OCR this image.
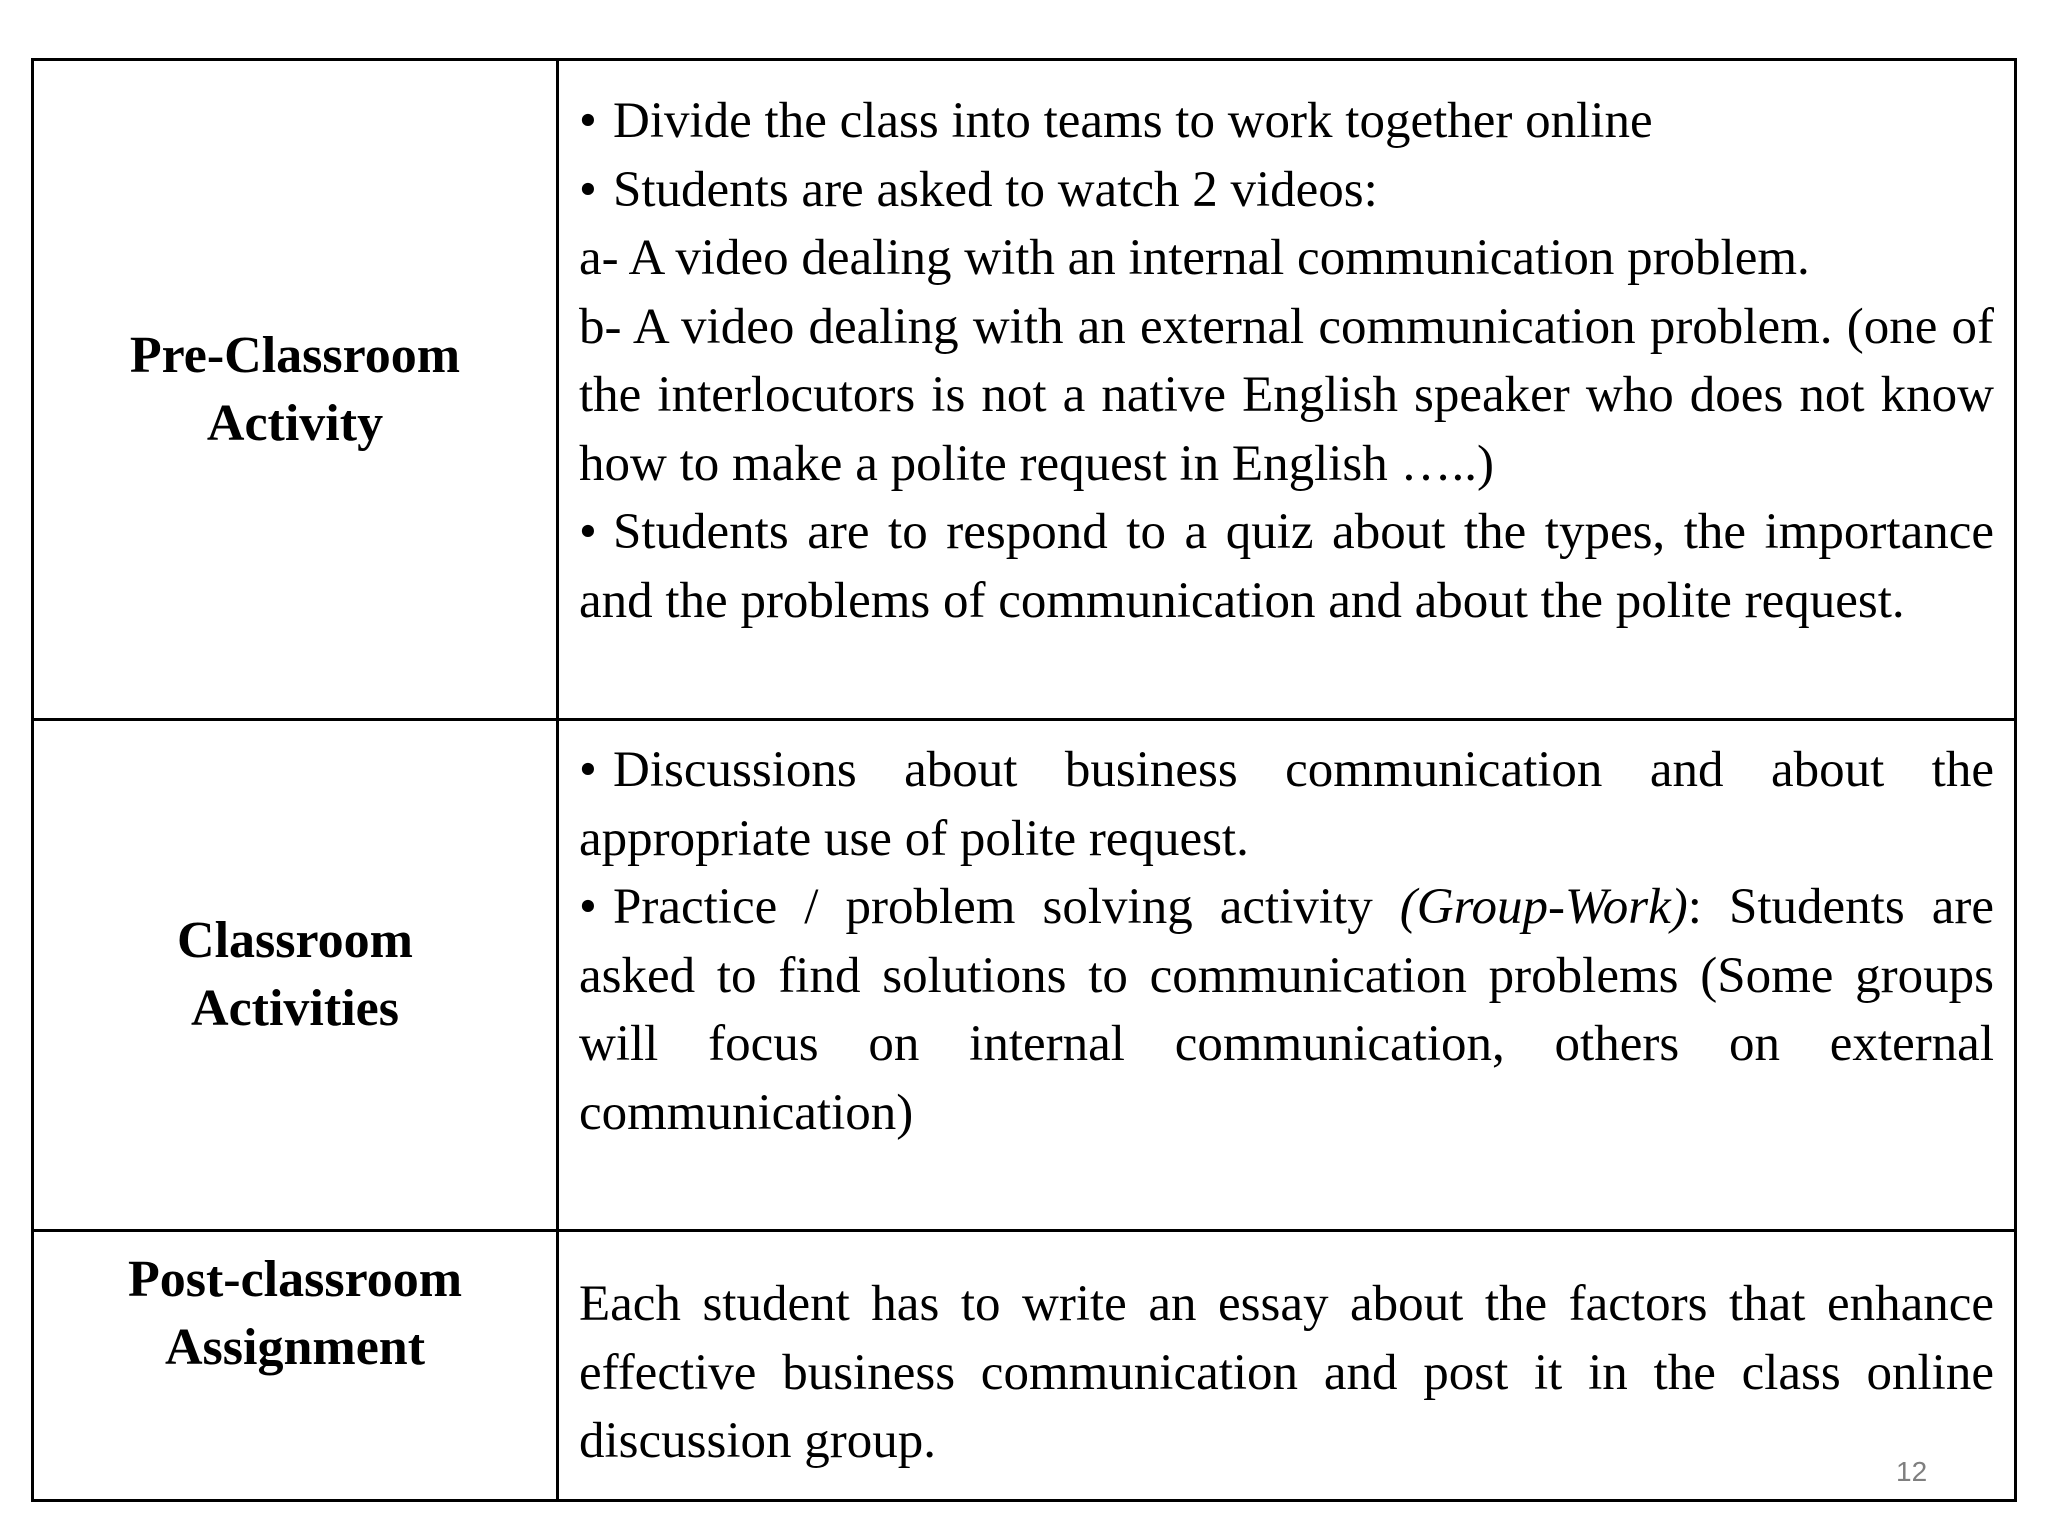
Pre-Classroom
Activity	• Divide the class into teams to work together online
• Students are asked to watch 2 videos:
a- A video dealing with an internal communication problem.
b- A video dealing with an external communication problem. (one of the interlocutors is not a native English speaker who does not know how to make a polite request in English …..)
• Students are to respond to a quiz about the types, the importance and the problems of communication and about the polite request.

Classroom
Activities	• Discussions about business communication and about the appropriate use of polite request.
• Practice / problem solving activity (Group-Work): Students are asked to find solutions to communication problems (Some groups will focus on internal communication, others on external communication)

Post-classroom
Assignment	Each student has to write an essay about the factors that enhance effective business communication and post it in the class online discussion group.
12
